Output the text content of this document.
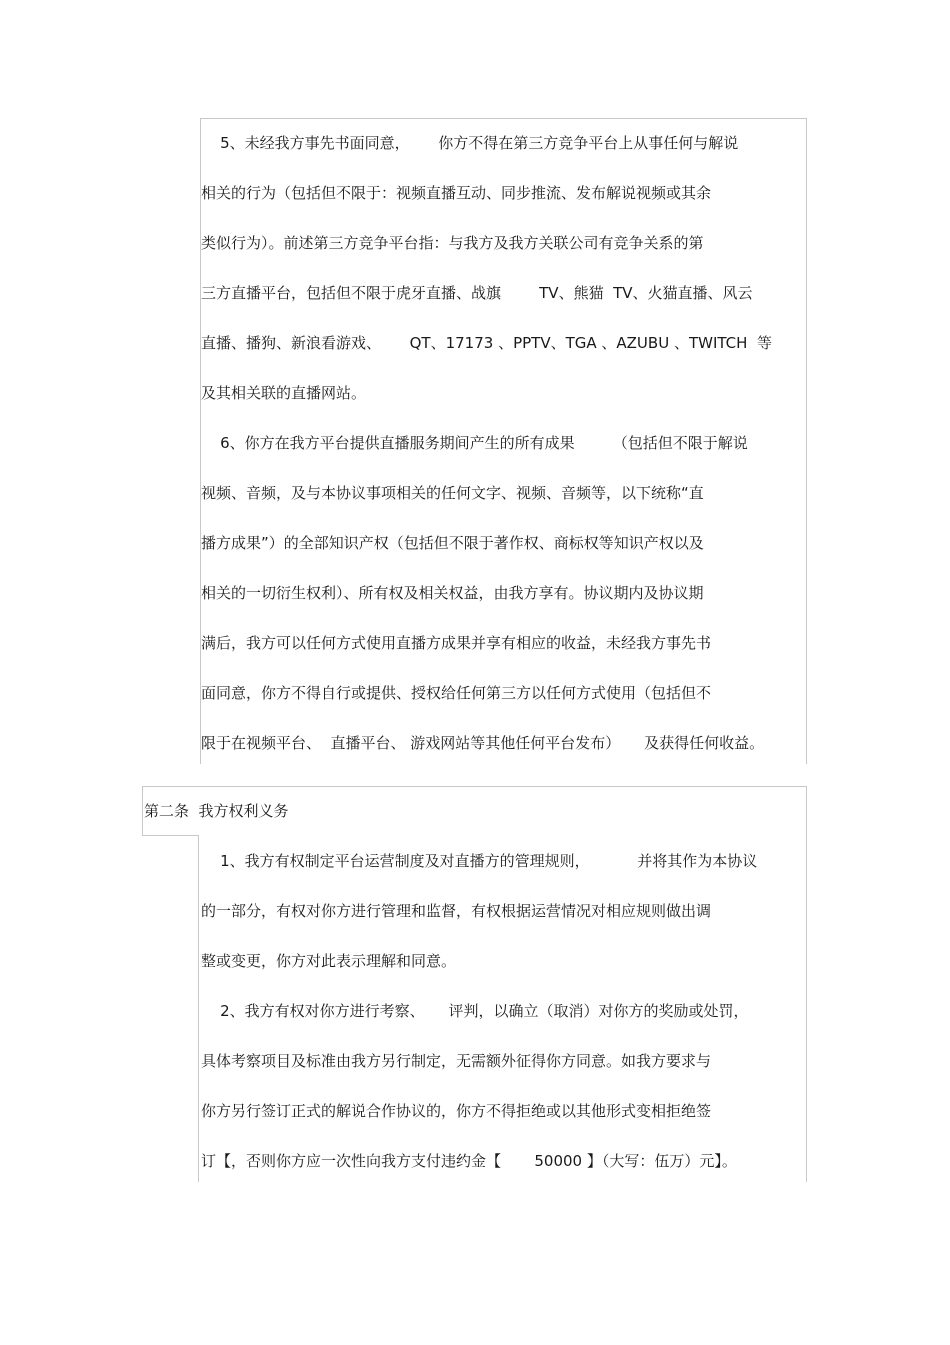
5、未经我方事先书面同意，      你方不得在第三方竞争平台上从事任何与解说

相关的行为（包括但不限于：视频直播互动、同步推流、发布解说视频或其余

类似行为）。前述第三方竞争平台指：与我方及我方关联公司有竞争关系的第

三方直播平台，包括但不限于虎牙直播、战旗        TV、熊猫  TV、火猫直播、风云

直播、播狗、新浪看游戏、      QT、17173 、PPTV、TGA 、AZUBU 、TWITCH  等

及其相关联的直播网站。

6、你方在我方平台提供直播服务期间产生的所有成果        （包括但不限于解说

视频、音频，及与本协议事项相关的任何文字、视频、音频等，以下统称“直

播方成果”）的全部知识产权（包括但不限于著作权、商标权等知识产权以及

相关的一切衍生权利）、所有权及相关权益，由我方享有。协议期内及协议期

满后，我方可以任何方式使用直播方成果并享有相应的收益，未经我方事先书

面同意，你方不得自行或提供、授权给任何第三方以任何方式使用（包括但不

限于在视频平台、  直播平台、 游戏网站等其他任何平台发布）     及获得任何收益。

第二条  我方权利义务

1、我方有权制定平台运营制度及对直播方的管理规则，          并将其作为本协议

的一部分，有权对你方进行管理和监督，有权根据运营情况对相应规则做出调

整或变更，你方对此表示理解和同意。

2、我方有权对你方进行考察、     评判，以确立（取消）对你方的奖励或处罚，

具体考察项目及标准由我方另行制定，无需额外征得你方同意。如我方要求与

你方另行签订正式的解说合作协议的，你方不得拒绝或以其他形式变相拒绝签

订【，否则你方应一次性向我方支付违约金【       50000 】（大写：伍万）元】。
